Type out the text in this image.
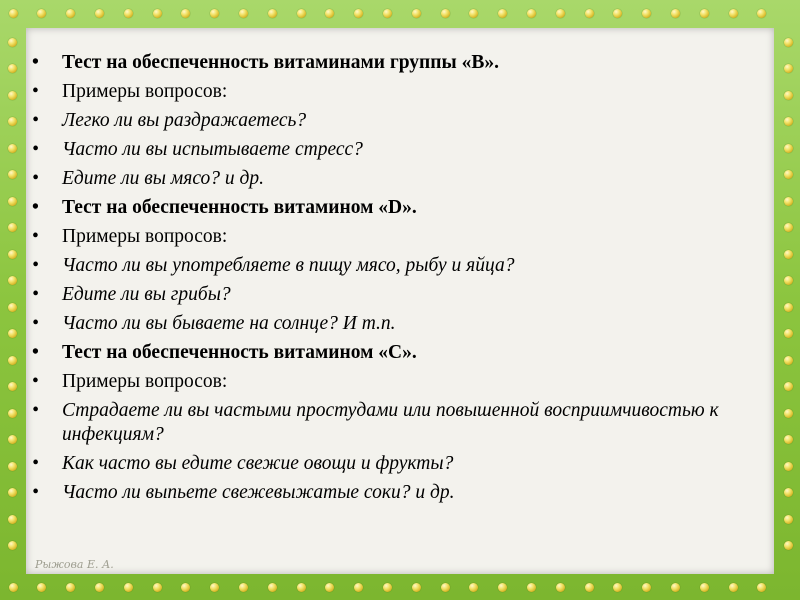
• Тест на обеспеченность витаминами группы «В».
• Примеры вопросов:
• Легко ли вы раздражаетесь?
• Часто ли вы испытываете стресс?
• Едите ли вы мясо? и др.
• Тест на обеспеченность витамином «D».
• Примеры вопросов:
• Часто ли вы употребляете в пищу мясо, рыбу и яйца?
• Едите ли вы грибы?
• Часто ли вы бываете на солнце? И т.п.
• Тест на обеспеченность витамином «С».
• Примеры вопросов:
• Страдаете ли вы частыми простудами или повышенной восприимчивостью к инфекциям?
• Как часто вы едите свежие овощи и фрукты?
• Часто ли выпьете свежевыжатые соки? и др.
Рыжова Е. А.
